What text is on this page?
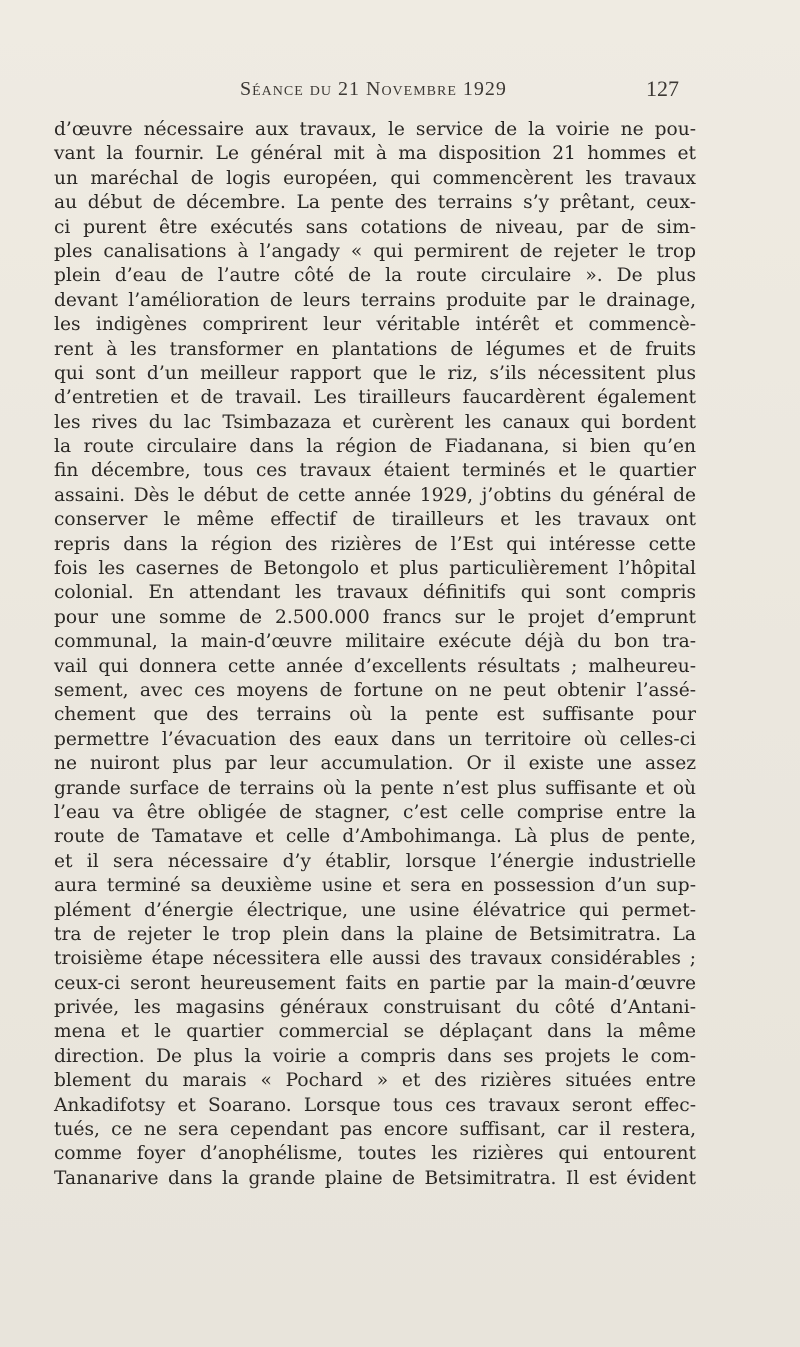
Séance du 21 Novembre 1929	127
d’œuvre nécessaire aux travaux, le service de la voirie ne pou-
vant la fournir. Le général mit à ma disposition 21 hommes et
un maréchal de logis européen, qui commencèrent les travaux
au début de décembre. La pente des terrains s’y prêtant, ceux-
ci purent être exécutés sans cotations de niveau, par de sim-
ples canalisations à l’angady « qui permirent de rejeter le trop
plein d’eau de l’autre côté de la route circulaire ». De plus
devant l’amélioration de leurs terrains produite par le drainage,
les indigènes comprirent leur véritable intérêt et commencè-
rent à les transformer en plantations de légumes et de fruits
qui sont d’un meilleur rapport que le riz, s’ils nécessitent plus
d’entretien et de travail. Les tirailleurs faucardèrent également
les rives du lac Tsimbazaza et curèrent les canaux qui bordent
la route circulaire dans la région de Fiadanana, si bien qu’en
fin décembre, tous ces travaux étaient terminés et le quartier
assaini. Dès le début de cette année 1929, j’obtins du général de
conserver le même effectif de tirailleurs et les travaux ont
repris dans la région des rizières de l’Est qui intéresse cette
fois les casernes de Betongolo et plus particulièrement l’hôpital
colonial. En attendant les travaux définitifs qui sont compris
pour une somme de 2.500.000 francs sur le projet d’emprunt
communal, la main-d’œuvre militaire exécute déjà du bon tra-
vail qui donnera cette année d’excellents résultats ; malheureu-
sement, avec ces moyens de fortune on ne peut obtenir l’assé-
chement que des terrains où la pente est suffisante pour
permettre l’évacuation des eaux dans un territoire où celles-ci
ne nuiront plus par leur accumulation. Or il existe une assez
grande surface de terrains où la pente n’est plus suffisante et où
l’eau va être obligée de stagner, c’est celle comprise entre la
route de Tamatave et celle d’Ambohimanga. Là plus de pente,
et il sera nécessaire d’y établir, lorsque l’énergie industrielle
aura terminé sa deuxième usine et sera en possession d’un sup-
plément d’énergie électrique, une usine élévatrice qui permet-
tra de rejeter le trop plein dans la plaine de Betsimitratra. La
troisième étape nécessitera elle aussi des travaux considérables ;
ceux-ci seront heureusement faits en partie par la main-d’œuvre
privée, les magasins généraux construisant du côté d’Antani-
mena et le quartier commercial se déplaçant dans la même
direction. De plus la voirie a compris dans ses projets le com-
blement du marais « Pochard » et des rizières situées entre
Ankadifotsy et Soarano. Lorsque tous ces travaux seront effec-
tués, ce ne sera cependant pas encore suffisant, car il restera,
comme foyer d’anophélisme, toutes les rizières qui entourent
Tananarive dans la grande plaine de Betsimitratra. Il est évident
